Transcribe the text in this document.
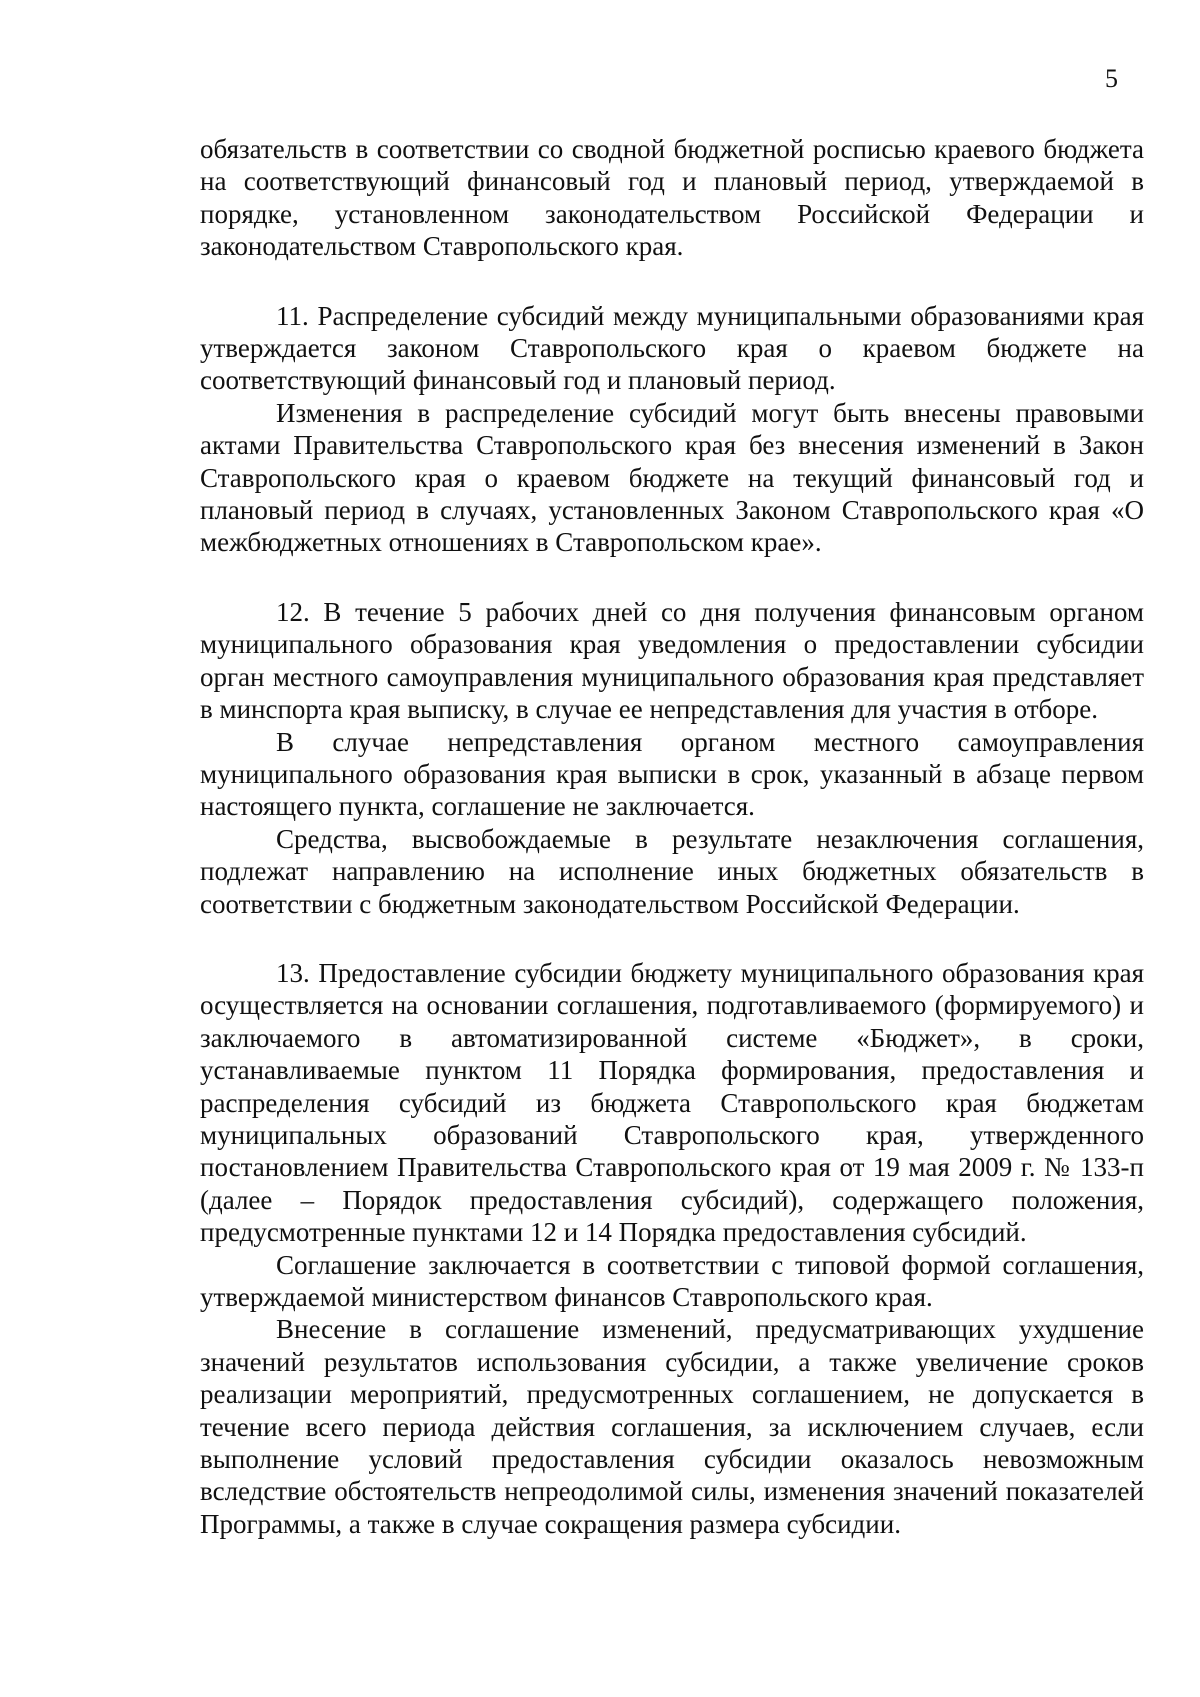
5

обязательств в соответствии со сводной бюджетной росписью краевого бюджета на соответствующий финансовый год и плановый период, утверждаемой в порядке, установленном законодательством Российской Федерации и законодательством Ставропольского края.

11. Распределение субсидий между муниципальными образованиями края утверждается законом Ставропольского края о краевом бюджете на соответствующий финансовый год и плановый период.

Изменения в распределение субсидий могут быть внесены правовыми актами Правительства Ставропольского края без внесения изменений в Закон Ставропольского края о краевом бюджете на текущий финансовый год и плановый период в случаях, установленных Законом Ставропольского края «О межбюджетных отношениях в Ставропольском крае».

12. В течение 5 рабочих дней со дня получения финансовым органом муниципального образования края уведомления о предоставлении субсидии орган местного самоуправления муниципального образования края представляет в минспорта края выписку, в случае ее непредставления для участия в отборе.

В случае непредставления органом местного самоуправления муниципального образования края выписки в срок, указанный в абзаце первом настоящего пункта, соглашение не заключается.

Средства, высвобождаемые в результате незаключения соглашения, подлежат направлению на исполнение иных бюджетных обязательств в соответствии с бюджетным законодательством Российской Федерации.

13. Предоставление субсидии бюджету муниципального образования края осуществляется на основании соглашения, подготавливаемого (формируемого) и заключаемого в автоматизированной системе «Бюджет», в сроки, устанавливаемые пунктом 11 Порядка формирования, предоставления и распределения субсидий из бюджета Ставропольского края бюджетам муниципальных образований Ставропольского края, утвержденного постановлением Правительства Ставропольского края от 19 мая 2009 г. № 133-п (далее – Порядок предоставления субсидий), содержащего положения, предусмотренные пунктами 12 и 14 Порядка предоставления субсидий.

Соглашение заключается в соответствии с типовой формой соглашения, утверждаемой министерством финансов Ставропольского края.

Внесение в соглашение изменений, предусматривающих ухудшение значений результатов использования субсидии, а также увеличение сроков реализации мероприятий, предусмотренных соглашением, не допускается в течение всего периода действия соглашения, за исключением случаев, если выполнение условий предоставления субсидии оказалось невозможным вследствие обстоятельств непреодолимой силы, изменения значений показателей Программы, а также в случае сокращения размера субсидии.
